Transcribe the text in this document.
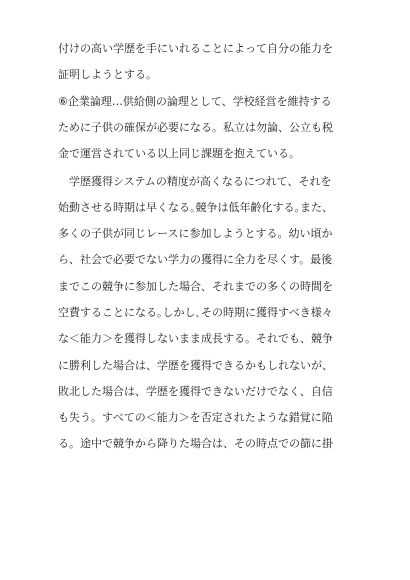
付けの高い学歴を手にいれることによって自分の能力を
証明しようとする。
⑥企業論理…供給側の論理として、学校経営を維持する
ために子供の確保が必要になる。私立は勿論、公立も税
金で運営されている以上同じ課題を抱えている。
　学歴獲得システムの精度が高くなるにつれて、それを
始動させる時期は早くなる｡競争は低年齢化する｡また、
多くの子供が同じレースに参加しようとする。幼い頃か
ら、社会で必要でない学力の獲得に全力を尽くす。最後
までこの競争に参加した場合、それまでの多くの時間を
空費することになる｡しかし､その時期に獲得すべき様々
な＜能力＞を獲得しないまま成長する。それでも、競争
に勝利した場合は、学歴を獲得できるかもしれないが、
敗北した場合は、学歴を獲得できないだけでなく、自信
も失う。すべての＜能力＞を否定されたような錯覚に陥
る。途中で競争から降りた場合は、その時点での篩に掛
